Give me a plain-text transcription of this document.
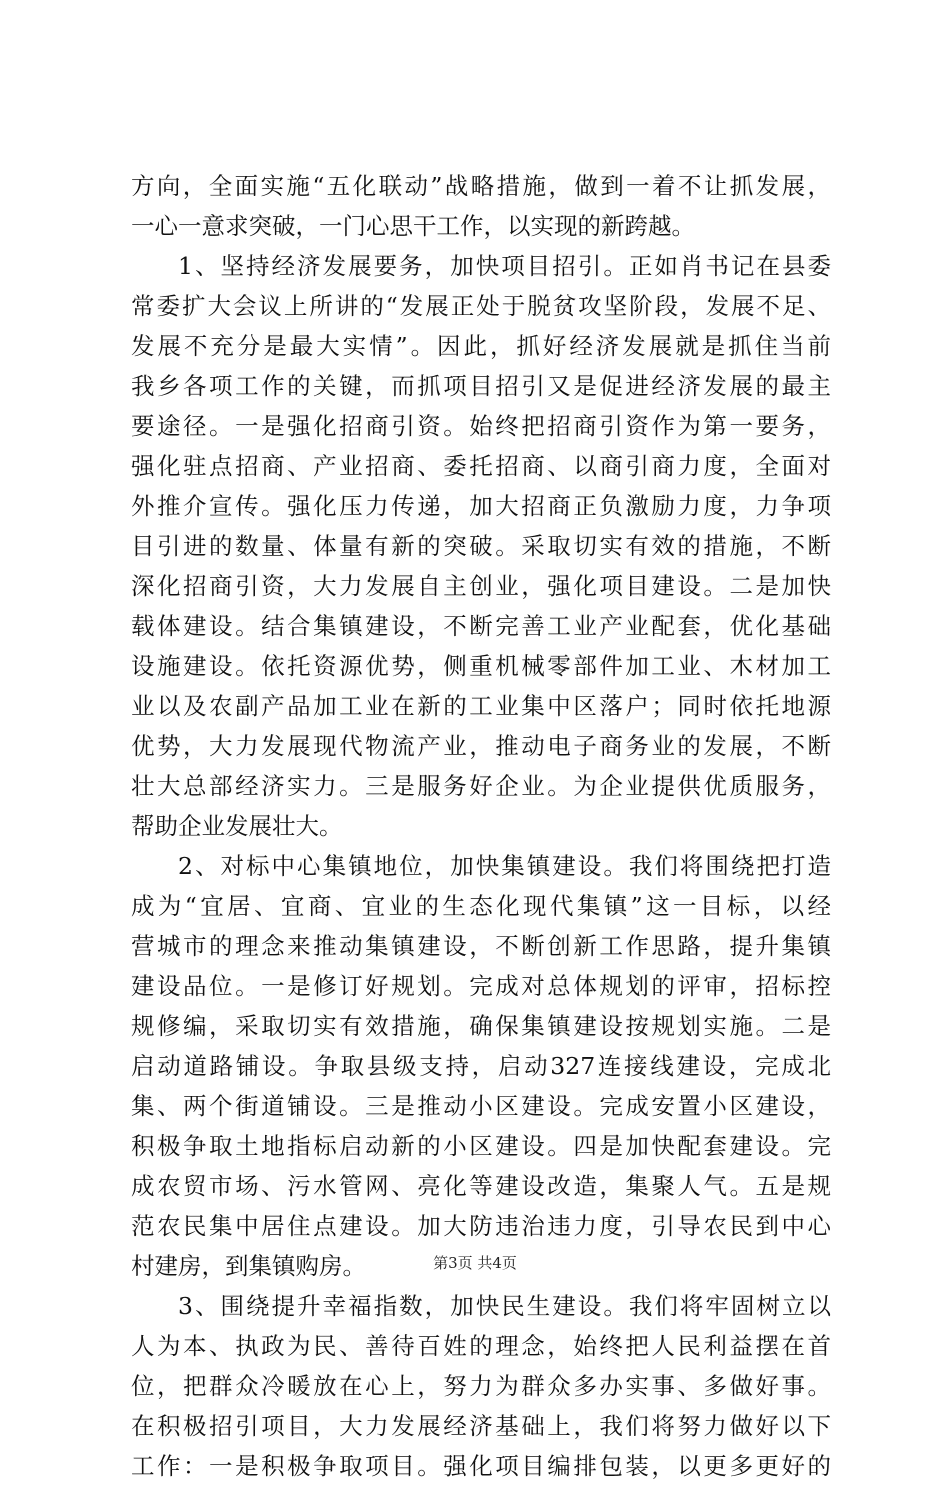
方向，全面实施“五化联动”战略措施，做到一着不让抓发展，
一心一意求突破，一门心思干工作，以实现的新跨越。
1、坚持经济发展要务，加快项目招引。正如肖书记在县委
常委扩大会议上所讲的“发展正处于脱贫攻坚阶段，发展不足、
发展不充分是最大实情”。因此，抓好经济发展就是抓住当前
我乡各项工作的关键，而抓项目招引又是促进经济发展的最主
要途径。一是强化招商引资。始终把招商引资作为第一要务，
强化驻点招商、产业招商、委托招商、以商引商力度，全面对
外推介宣传。强化压力传递，加大招商正负激励力度，力争项
目引进的数量、体量有新的突破。采取切实有效的措施，不断
深化招商引资，大力发展自主创业，强化项目建设。二是加快
载体建设。结合集镇建设，不断完善工业产业配套，优化基础
设施建设。依托资源优势，侧重机械零部件加工业、木材加工
业以及农副产品加工业在新的工业集中区落户；同时依托地源
优势，大力发展现代物流产业，推动电子商务业的发展，不断
壮大总部经济实力。三是服务好企业。为企业提供优质服务，
帮助企业发展壮大。
2、对标中心集镇地位，加快集镇建设。我们将围绕把打造
成为“宜居、宜商、宜业的生态化现代集镇”这一目标，以经
营城市的理念来推动集镇建设，不断创新工作思路，提升集镇
建设品位。一是修订好规划。完成对总体规划的评审，招标控
规修编，采取切实有效措施，确保集镇建设按规划实施。二是
启动道路铺设。争取县级支持，启动327连接线建设，完成北
集、两个街道铺设。三是推动小区建设。完成安置小区建设，
积极争取土地指标启动新的小区建设。四是加快配套建设。完
成农贸市场、污水管网、亮化等建设改造，集聚人气。五是规
范农民集中居住点建设。加大防违治违力度，引导农民到中心
村建房，到集镇购房。
3、围绕提升幸福指数，加快民生建设。我们将牢固树立以
人为本、执政为民、善待百姓的理念，始终把人民利益摆在首
位，把群众冷暖放在心上，努力为群众多办实事、多做好事。
在积极招引项目，大力发展经济基础上，我们将努力做好以下
工作：一是积极争取项目。强化项目编排包装，以更多更好的
第3页 共4页
